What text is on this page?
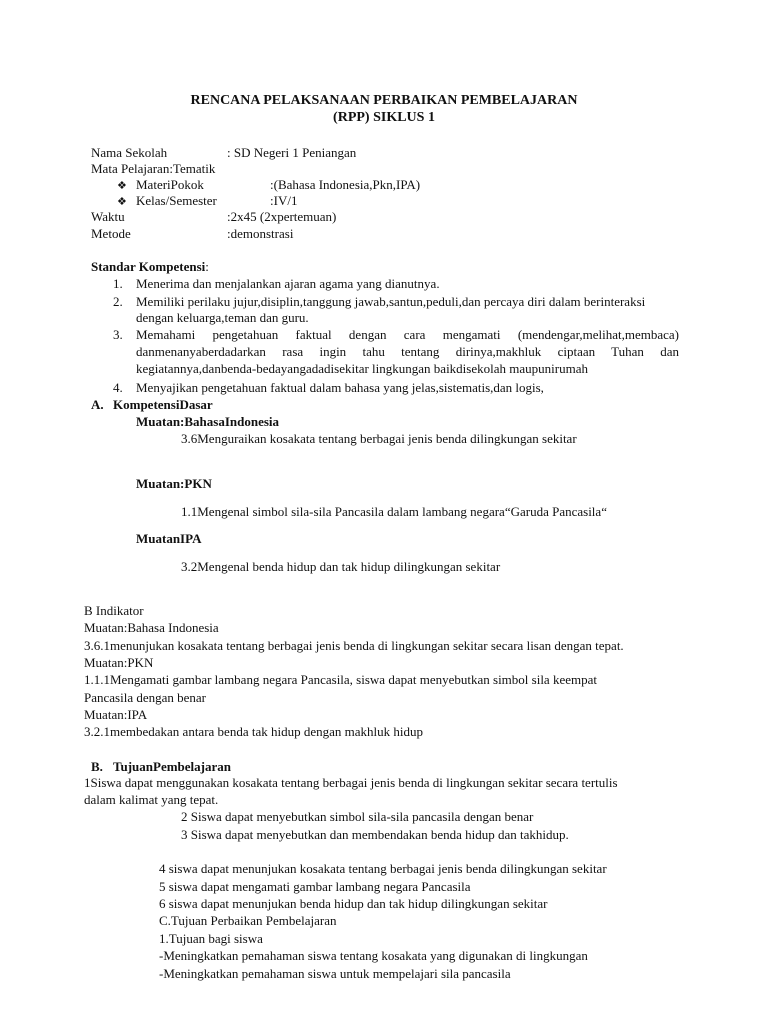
RENCANA PELAKSANAAN PERBAIKAN PEMBELAJARAN
(RPP) SIKLUS 1
Nama Sekolah	: SD Negeri 1 Peniangan
Mata Pelajaran:Tematik
❖ MateriPokok	:(Bahasa Indonesia,Pkn,IPA)
❖ Kelas/Semester	:IV/1
Waktu	:2x45 (2xpertemuan)
Metode	:demonstrasi
Standar Kompetensi:
1. Menerima dan menjalankan ajaran agama yang dianutnya.
2. Memiliki perilaku jujur,disiplin,tanggung jawab,santun,peduli,dan percaya diri dalam berinteraksi
dengan keluarga,teman dan guru.
3. Memahami pengetahuan faktual dengan cara mengamati (mendengar,melihat,membaca)
danmenanyaberdadarkan rasa ingin tahu tentang dirinya,makhluk ciptaan Tuhan dan
kegiatannya,danbenda-bedayangadadisekitar lingkungan baikdisekolah maupunirumah
4. Menyajikan pengetahuan faktual dalam bahasa yang jelas,sistematis,dan logis,
A. KompetensiDasar
Muatan:BahasaIndonesia
3.6Menguraikan kosakata tentang berbagai jenis benda dilingkungan sekitar
Muatan:PKN
1.1Mengenal simbol sila-sila Pancasila dalam lambang negara“Garuda Pancasila“
MuatanIPA
3.2Mengenal benda hidup dan tak hidup dilingkungan sekitar
B Indikator
Muatan:Bahasa Indonesia
3.6.1menunjukan kosakata tentang berbagai jenis benda di lingkungan sekitar secara lisan dengan tepat.
Muatan:PKN
1.1.1Mengamati gambar lambang negara Pancasila, siswa dapat menyebutkan simbol sila keempat
Pancasila dengan benar
Muatan:IPA
3.2.1membedakan antara benda tak hidup dengan makhluk hidup
B. TujuanPembelajaran
1Siswa dapat menggunakan kosakata tentang berbagai jenis benda di lingkungan sekitar secara tertulis
dalam kalimat yang tepat.
2 Siswa dapat menyebutkan simbol sila-sila pancasila dengan benar
3 Siswa dapat menyebutkan dan membendakan benda hidup dan takhidup.
4 siswa dapat menunjukan kosakata tentang berbagai jenis benda dilingkungan sekitar
5 siswa dapat mengamati gambar lambang negara Pancasila
6 siswa dapat menunjukan benda hidup dan tak hidup dilingkungan sekitar
C.Tujuan Perbaikan Pembelajaran
1.Tujuan bagi siswa
-Meningkatkan pemahaman siswa tentang kosakata yang digunakan di lingkungan
-Meningkatkan pemahaman siswa untuk mempelajari sila pancasila
